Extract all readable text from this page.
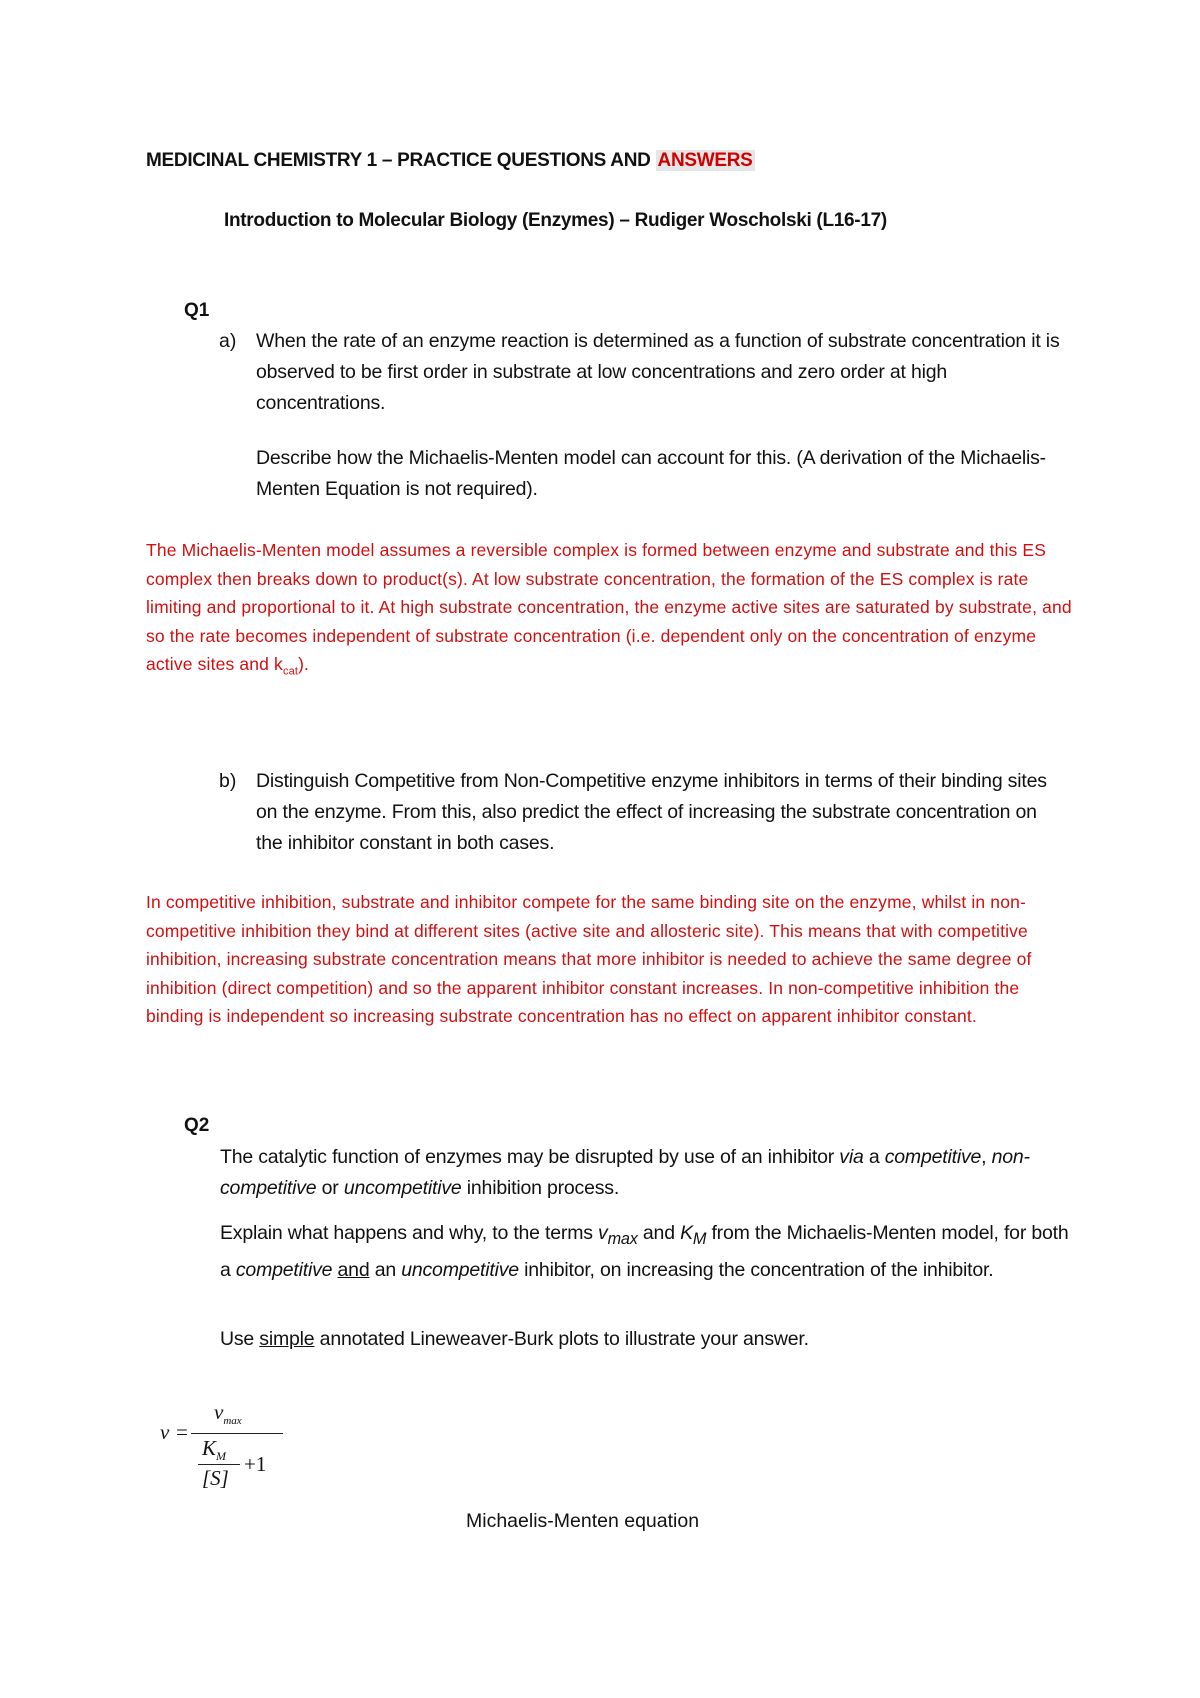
MEDICINAL CHEMISTRY 1 – PRACTICE QUESTIONS AND ANSWERS
Introduction to Molecular Biology (Enzymes) – Rudiger Woscholski (L16-17)
Q1
a) When the rate of an enzyme reaction is determined as a function of substrate concentration it is observed to be first order in substrate at low concentrations and zero order at high concentrations.
Describe how the Michaelis-Menten model can account for this. (A derivation of the Michaelis-Menten Equation is not required).
The Michaelis-Menten model assumes a reversible complex is formed between enzyme and substrate and this ES complex then breaks down to product(s). At low substrate concentration, the formation of the ES complex is rate limiting and proportional to it. At high substrate concentration, the enzyme active sites are saturated by substrate, and so the rate becomes independent of substrate concentration (i.e. dependent only on the concentration of enzyme active sites and $k_{cat}$).
b) Distinguish Competitive from Non-Competitive enzyme inhibitors in terms of their binding sites on the enzyme. From this, also predict the effect of increasing the substrate concentration on the inhibitor constant in both cases.
In competitive inhibition, substrate and inhibitor compete for the same binding site on the enzyme, whilst in non-competitive inhibition they bind at different sites (active site and allosteric site). This means that with competitive inhibition, increasing substrate concentration means that more inhibitor is needed to achieve the same degree of inhibition (direct competition) and so the apparent inhibitor constant increases. In non-competitive inhibition the binding is independent so increasing substrate concentration has no effect on apparent inhibitor constant.
Q2
The catalytic function of enzymes may be disrupted by use of an inhibitor via a competitive, non-competitive or uncompetitive inhibition process.
Explain what happens and why, to the terms $v_{max}$ and $K_M$ from the Michaelis-Menten model, for both a competitive and an uncompetitive inhibitor, on increasing the concentration of the inhibitor.
Use simple annotated Lineweaver-Burk plots to illustrate your answer.
v =
$v_{max}$
$K_M +1$
[S]
Michaelis-Menten equation
